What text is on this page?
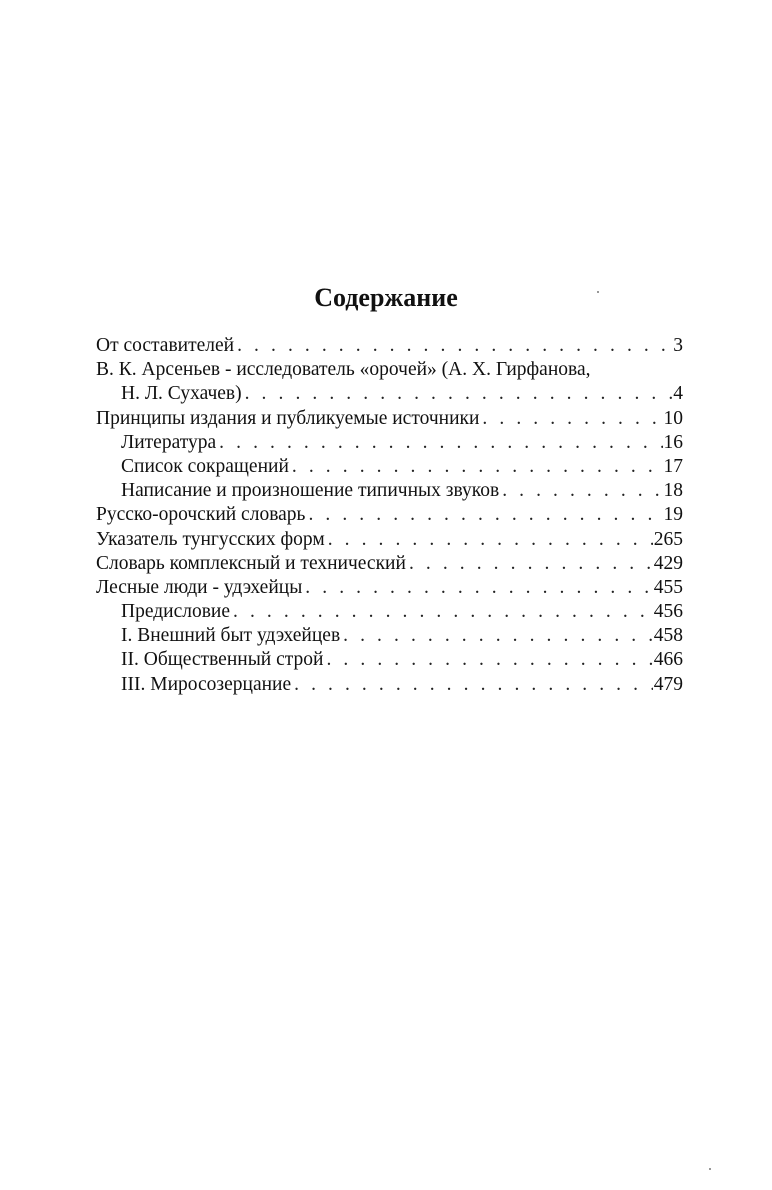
Содержание
От составителей . . .	3
В. К. Арсеньев - исследователь «орочей» (А. Х. Гирфанова,
Н. Л. Сухачев) . . .	4
Принципы издания и публикуемые источники . . .	10
Литература . . .	16
Список сокращений . . .	17
Написание и произношение типичных звуков . . .	18
Русско-орочский словарь . . .	19
Указатель тунгусских форм . . .	265
Словарь комплексный и технический . . .	429
Лесные люди - удэхейцы . . .	455
Предисловие . . .	456
I. Внешний быт удэхейцев . . .	458
II. Общественный строй . . .	466
III. Миросозерцание . . .	479
